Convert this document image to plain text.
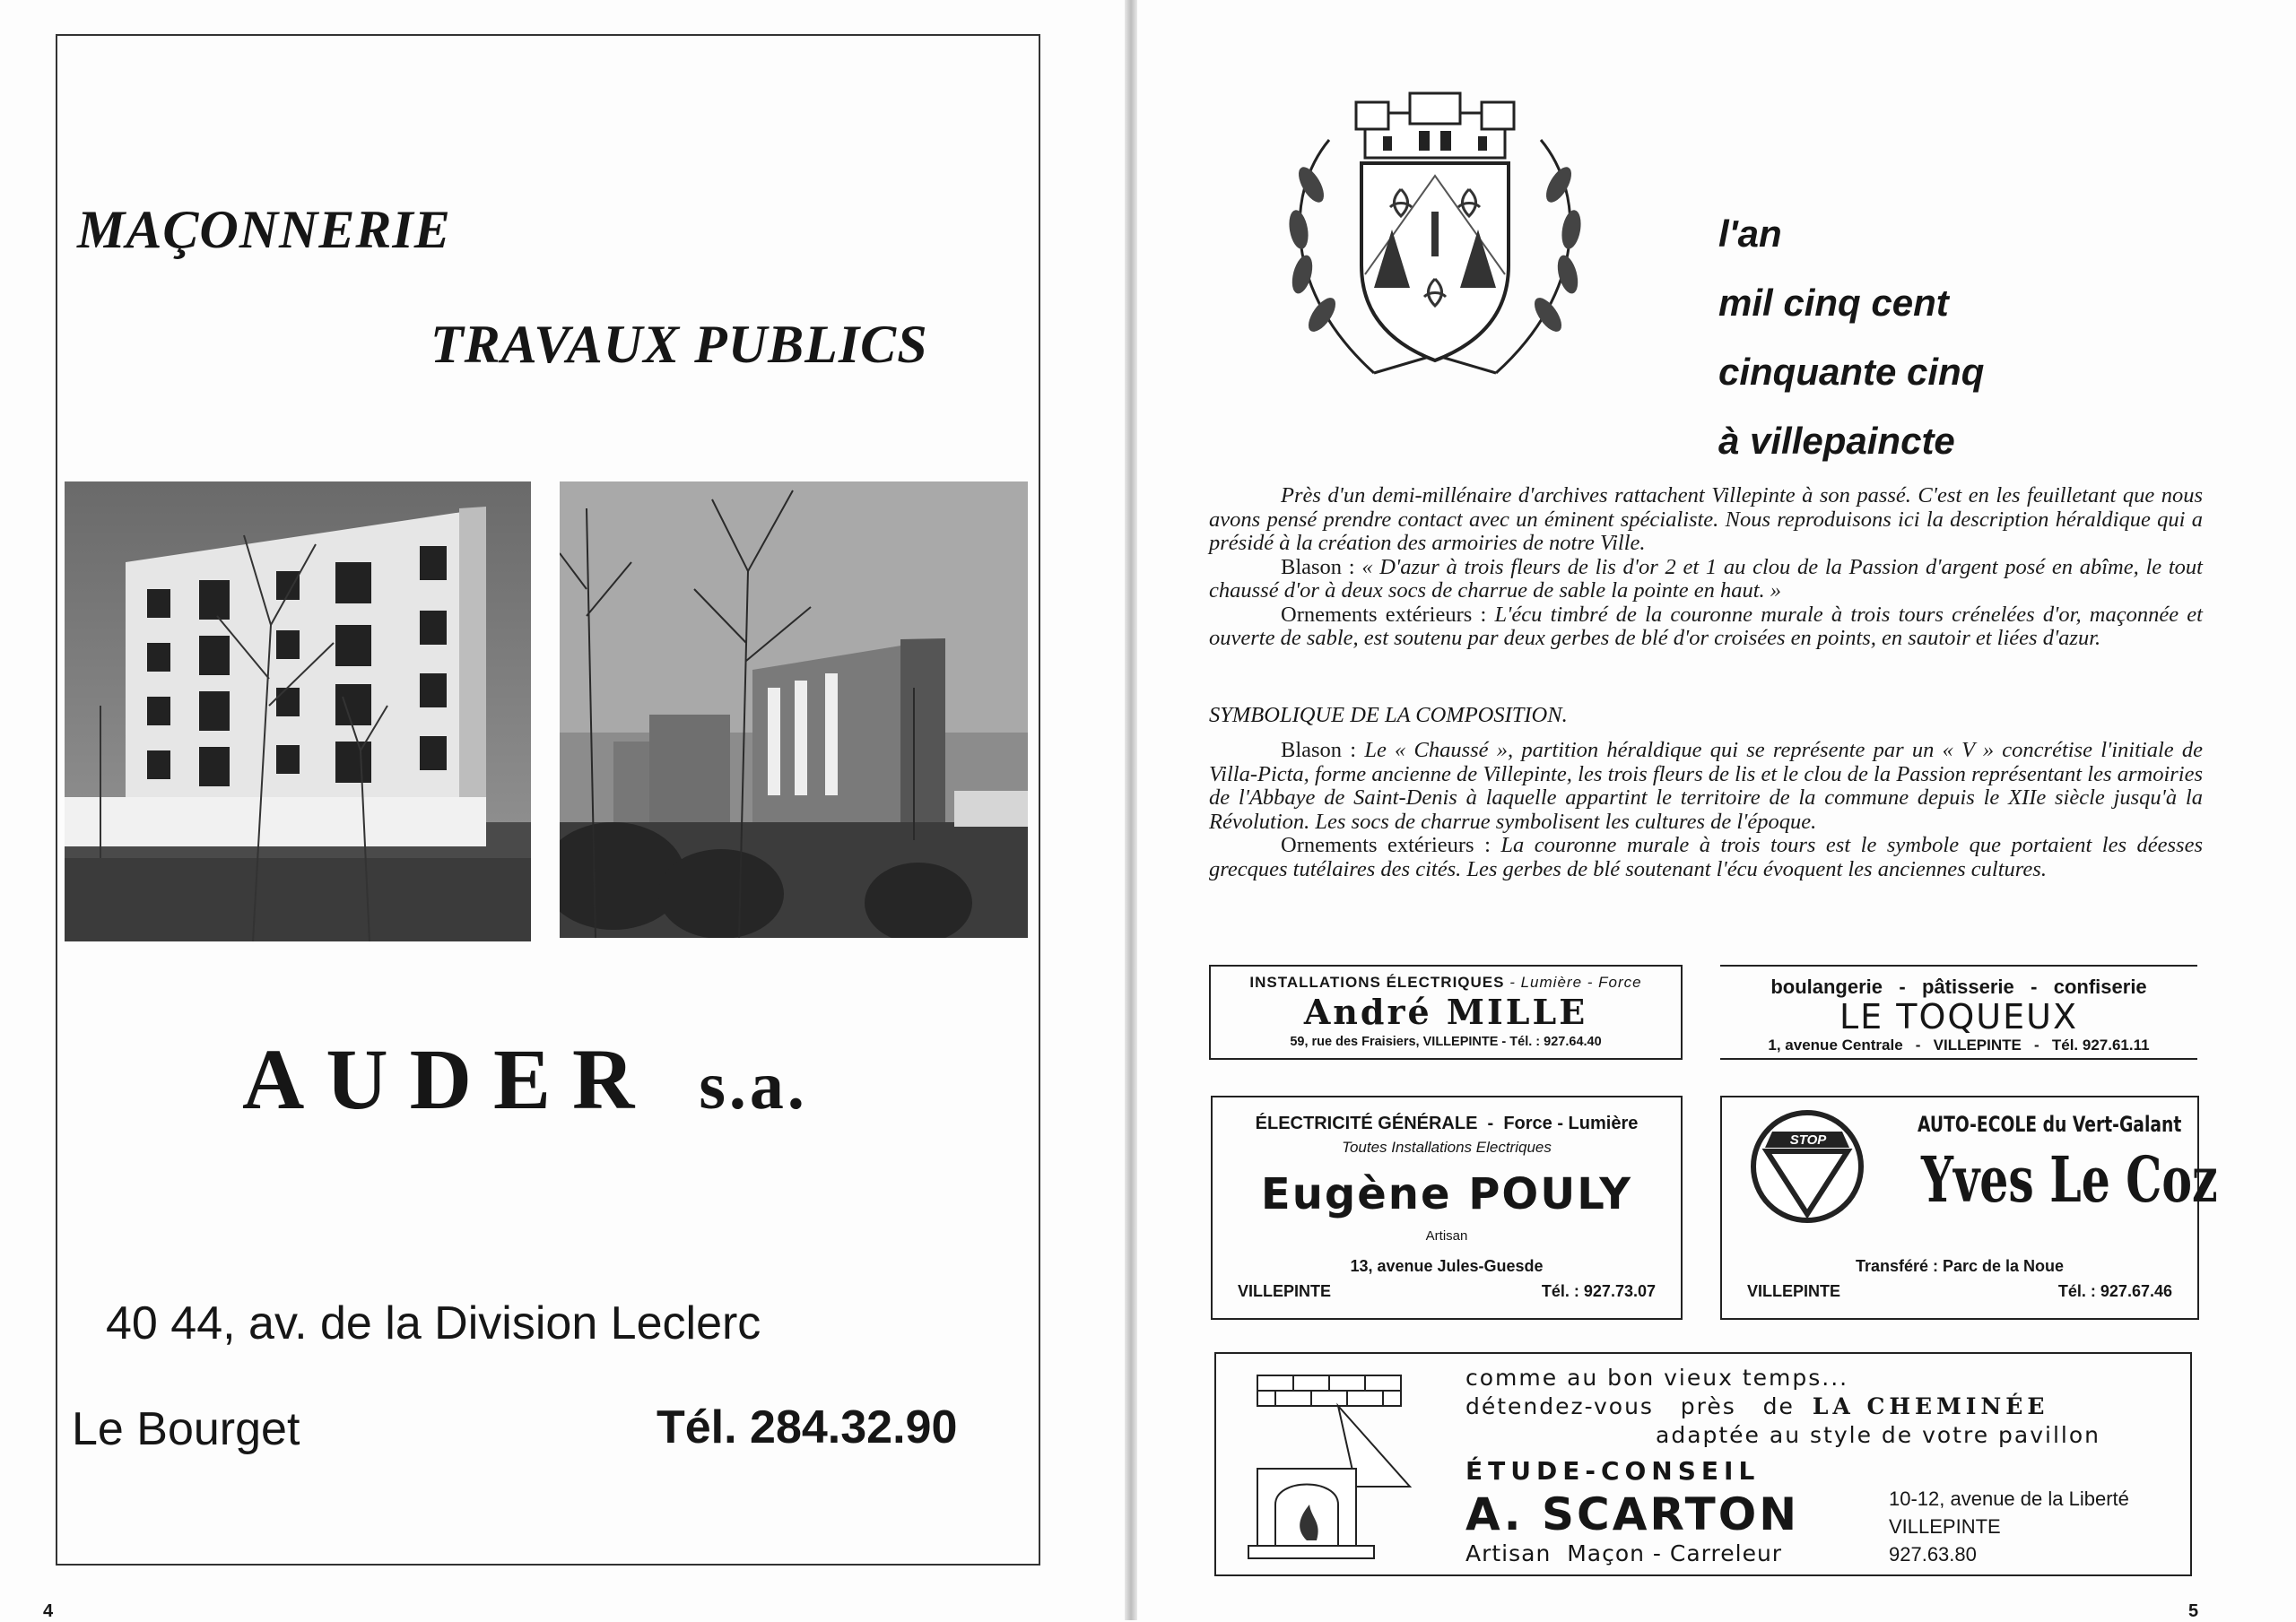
MAÇONNERIE
TRAVAUX PUBLICS
AUDER s.a.
40 44, av. de la Division Leclerc
Le Bourget	Tél. 284.32.90
4
l'an
mil cinq cent
cinquante cinq
à villepaincte

Près d'un demi-millénaire d'archives rattachent Villepinte à son passé. C'est en les feuilletant que nous avons pensé prendre contact avec un éminent spécialiste. Nous reproduisons ici la description héraldique qui a présidé à la création des armoiries de notre Ville.

Blason : « D'azur à trois fleurs de lis d'or 2 et 1 au clou de la Passion d'argent posé en abîme, le tout chaussé d'or à deux socs de charrue de sable la pointe en haut. »

Ornements extérieurs : L'écu timbré de la couronne murale à trois tours crénelées d'or, maçonnée et ouverte de sable, est soutenu par deux gerbes de blé d'or croisées en points, en sautoir et liées d'azur.

SYMBOLIQUE DE LA COMPOSITION.

Blason : Le « Chaussé », partition héraldique qui se représente par un « V » concrétise l'initiale de Villa-Picta, forme ancienne de Villepinte, les trois fleurs de lis et le clou de la Passion représentant les armoiries de l'Abbaye de Saint-Denis à laquelle appartint le territoire de la commune depuis le XIIe siècle jusqu'à la Révolution. Les socs de charrue symbolisent les cultures de l'époque.

Ornements extérieurs : La couronne murale à trois tours est le symbole que portaient les déesses grecques tutélaires des cités. Les gerbes de blé soutenant l'écu évoquent les anciennes cultures.

INSTALLATIONS ÉLECTRIQUES - Lumière - Force
André MILLE
59, rue des Fraisiers, VILLEPINTE - Tél. : 927.64.40
boulangerie   -   pâtisserie   -   confiserie
LE TOQUEUX
1, avenue Centrale   -   VILLEPINTE   -   Tél. 927.61.11
ÉLECTRICITÉ GÉNÉRALE  -  Force - Lumière
Toutes Installations Electriques
Eugène POULY
Artisan
13, avenue Jules-Guesde
VILLEPINTE	Tél. : 927.73.07
STOP
AUTO-ECOLE du Vert-Galant
Yves Le Coz
Transféré : Parc de la Noue
VILLEPINTE	Tél. : 927.67.46
comme au bon vieux temps...
détendez-vous   près   de LA CHEMINÉE
adaptée au style de votre pavillon
ÉTUDE-CONSEIL
A. SCARTON
Artisan  Maçon - Carreleur
10-12, avenue de la Liberté
VILLEPINTE
927.63.80
5
